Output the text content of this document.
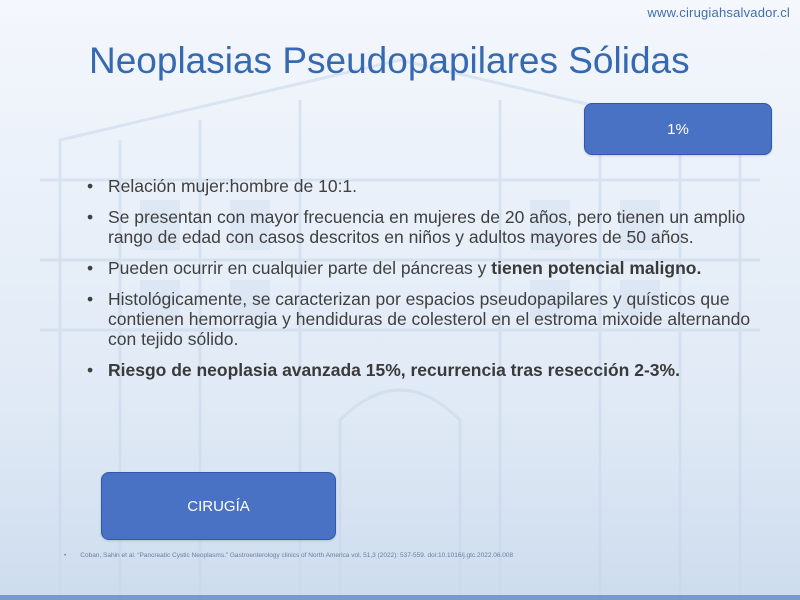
www.cirugiahsalvador.cl
Neoplasias Pseudopapilares Sólidas
1%
• Relación mujer:hombre de 10:1.
• Se presentan con mayor frecuencia en mujeres de 20 años, pero tienen un amplio rango de edad con casos descritos en niños y adultos mayores de 50 años.
• Pueden ocurrir en cualquier parte del páncreas y tienen potencial maligno.
• Histológicamente, se caracterizan por espacios pseudopapilares y quísticos que contienen hemorragia y hendiduras de colesterol en el estroma mixoide alternando con tejido sólido.
• Riesgo de neoplasia avanzada 15%, recurrencia tras resección 2-3%.
CIRUGÍA
• Coban, Sahin et al. “Pancreatic Cystic Neoplasms.” Gastroenterology clinics of North America vol. 51,3 (2022): 537-559. doi:10.1016/j.gtc.2022.06.008
